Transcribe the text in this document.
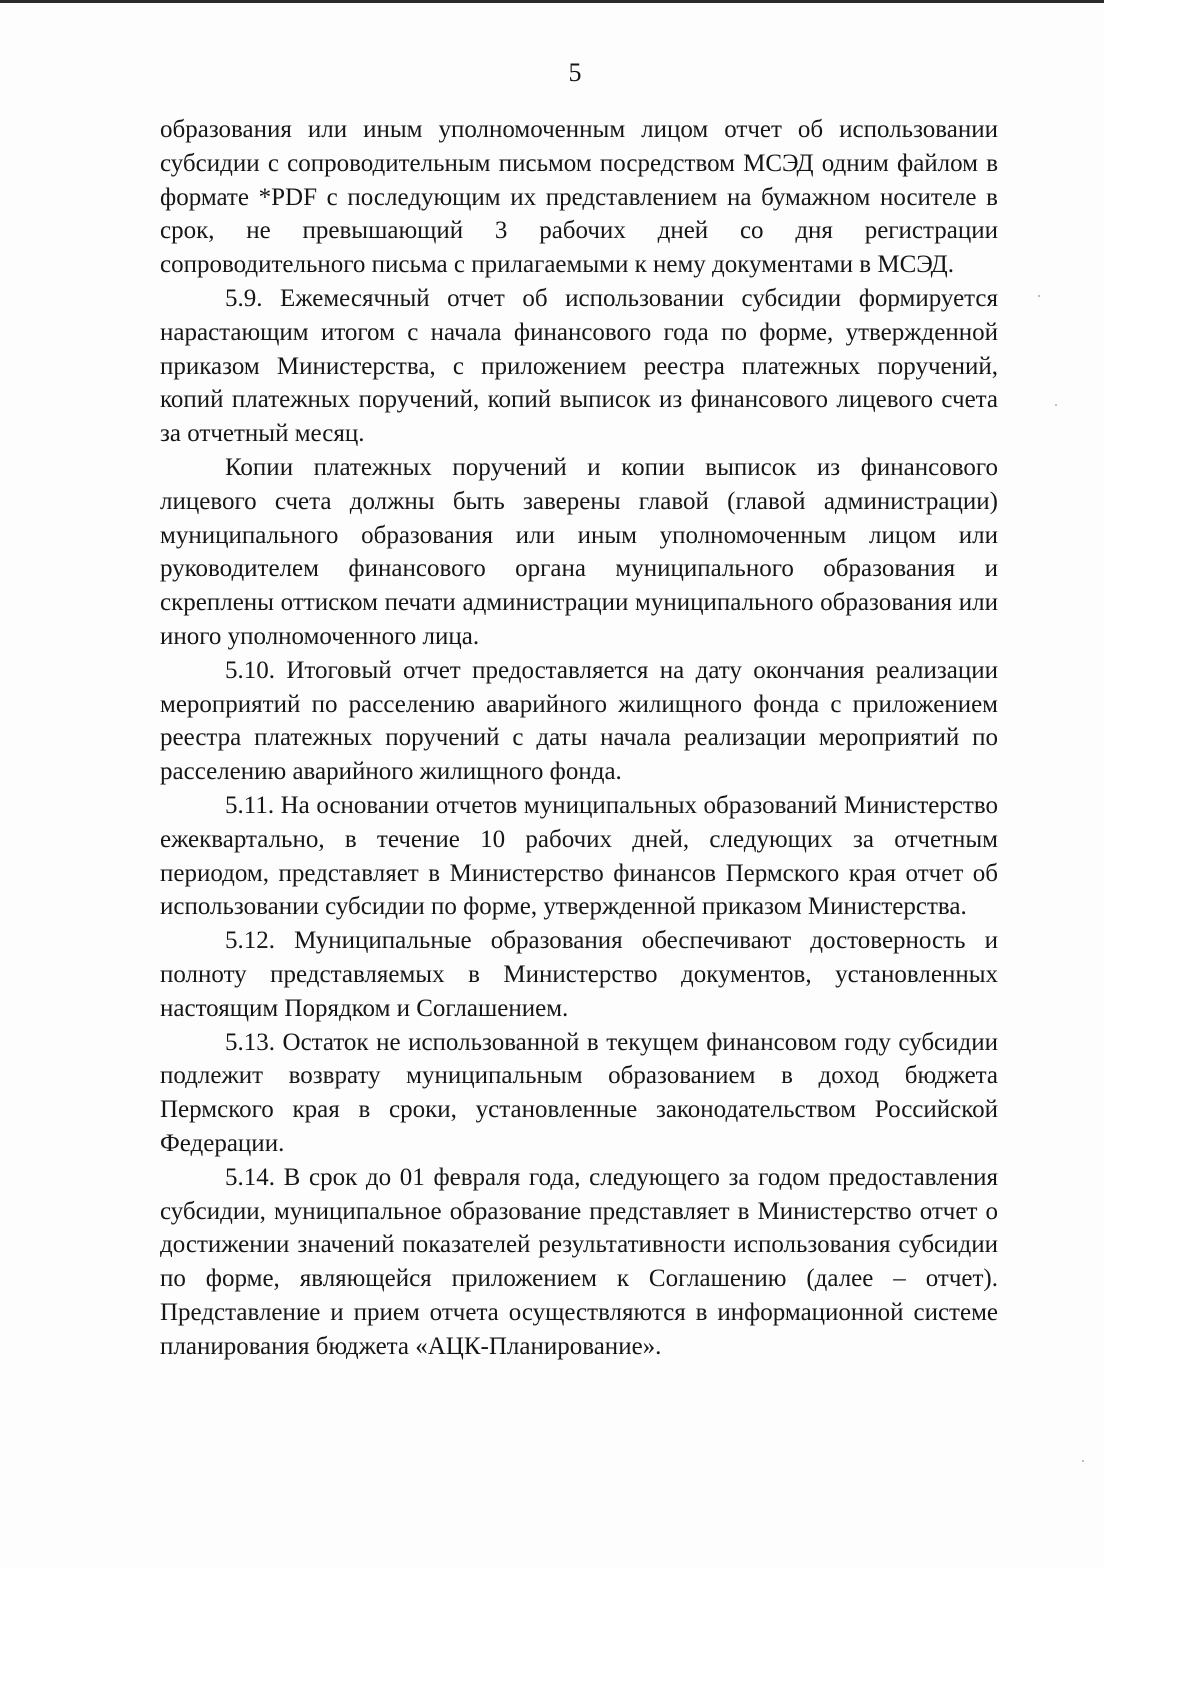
5

образования или иным уполномоченным лицом отчет об использовании субсидии с сопроводительным письмом посредством МСЭД одним файлом в формате *PDF с последующим их представлением на бумажном носителе в срок, не превышающий 3 рабочих дней со дня регистрации сопроводительного письма с прилагаемыми к нему документами в МСЭД.

5.9. Ежемесячный отчет об использовании субсидии формируется нарастающим итогом с начала финансового года по форме, утвержденной приказом Министерства, с приложением реестра платежных поручений, копий платежных поручений, копий выписок из финансового лицевого счета за отчетный месяц.

Копии платежных поручений и копии выписок из финансового лицевого счета должны быть заверены главой (главой администрации) муниципального образования или иным уполномоченным лицом или руководителем финансового органа муниципального образования и скреплены оттиском печати администрации муниципального образования или иного уполномоченного лица.

5.10. Итоговый отчет предоставляется на дату окончания реализации мероприятий по расселению аварийного жилищного фонда с приложением реестра платежных поручений с даты начала реализации мероприятий по расселению аварийного жилищного фонда.

5.11. На основании отчетов муниципальных образований Министерство ежеквартально, в течение 10 рабочих дней, следующих за отчетным периодом, представляет в Министерство финансов Пермского края отчет об использовании субсидии по форме, утвержденной приказом Министерства.

5.12. Муниципальные образования обеспечивают достоверность и полноту представляемых в Министерство документов, установленных настоящим Порядком и Соглашением.

5.13. Остаток не использованной в текущем финансовом году субсидии подлежит возврату муниципальным образованием в доход бюджета Пермского края в сроки, установленные законодательством Российской Федерации.

5.14. В срок до 01 февраля года, следующего за годом предоставления субсидии, муниципальное образование представляет в Министерство отчет о достижении значений показателей результативности использования субсидии по форме, являющейся приложением к Соглашению (далее – отчет). Представление и прием отчета осуществляются в информационной системе планирования бюджета «АЦК-Планирование».
